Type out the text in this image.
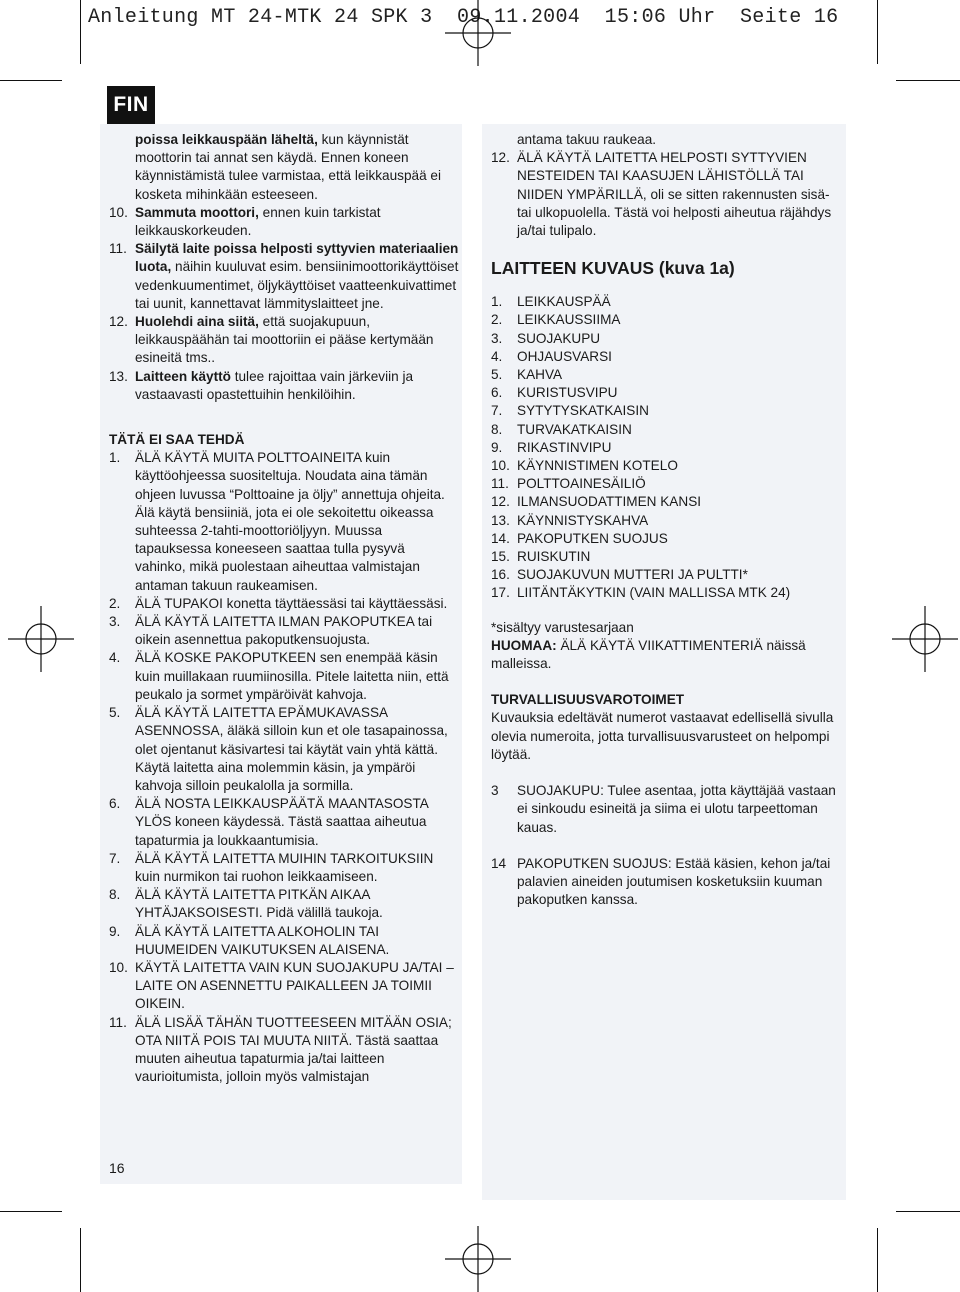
Anleitung MT 24-MTK 24 SPK 3  09.11.2004  15:06 Uhr  Seite 16
FIN

poissa leikkauspään läheltä, kun käynnistät moottorin tai annat sen käydä. Ennen koneen käynnistämistä tulee varmistaa, että leikkauspää ei kosketa mihinkään esteeseen.

10. Sammuta moottori, ennen kuin tarkistat leikkauskorkeuden.
11. Säilytä laite poissa helposti syttyvien materiaalien luota, näihin kuuluvat esim. bensiinimoottorikäyttöiset vedenkuumentimet, öljykäyttöiset vaatteenkuivattimet tai uunit, kannettavat lämmityslaitteet jne.
12. Huolehdi aina siitä, että suojakupuun, leikkauspäähän tai moottoriin ei pääse kertymään esineitä tms..
13. Laitteen käyttö tulee rajoittaa vain järkeviin ja vastaavasti opastettuihin henkilöihin.

TÄTÄ EI SAA TEHDÄ

1. ÄLÄ KÄYTÄ MUITA POLTTOAINEITA kuin käyttöohjeessa suositeltuja. Noudata aina tämän ohjeen luvussa “Polttoaine ja öljy” annettuja ohjeita. Älä käytä bensiiniä, jota ei ole sekoitettu oikeassa suhteessa 2-tahti-moottoriöljyyn. Muussa tapauksessa koneeseen saattaa tulla pysyvä vahinko, mikä puolestaan aiheuttaa valmistajan antaman takuun raukeamisen.
2. ÄLÄ TUPAKOI konetta täyttäessäsi tai käyttäessäsi.
3. ÄLÄ KÄYTÄ LAITETTA ILMAN PAKOPUTKEA tai oikein asennettua pakoputkensuojusta.
4. ÄLÄ KOSKE PAKOPUTKEEN sen enempää käsin kuin muillakaan ruumiinosilla. Pitele laitetta niin, että peukalo ja sormet ympäröivät kahvoja.
5. ÄLÄ KÄYTÄ LAITETTA EPÄMUKAVASSA ASENNOSSA, äläkä silloin kun et ole tasapainossa, olet ojentanut käsivartesi tai käytät vain yhtä kättä. Käytä laitetta aina molemmin käsin, ja ympäröi kahvoja silloin peukalolla ja sormilla.
6. ÄLÄ NOSTA LEIKKAUSPÄÄTÄ MAANTASOSTA YLÖS koneen käydessä. Tästä saattaa aiheutua tapaturmia ja loukkaantumisia.
7. ÄLÄ KÄYTÄ LAITETTA MUIHIN TARKOITUKSIIN kuin nurmikon tai ruohon leikkaamiseen.
8. ÄLÄ KÄYTÄ LAITETTA PITKÄN AIKAA YHTÄJAKSOISESTI. Pidä välillä taukoja.
9. ÄLÄ KÄYTÄ LAITETTA ALKOHOLIN TAI HUUMEIDEN VAIKUTUKSEN ALAISENA.
10. KÄYTÄ LAITETTA VAIN KUN SUOJAKUPU JA/TAI –LAITE ON ASENNETTU PAIKALLEEN JA TOIMII OIKEIN.
11. ÄLÄ LISÄÄ TÄHÄN TUOTTEESEEN MITÄÄN OSIA; OTA NIITÄ POIS TAI MUUTA NIITÄ. Tästä saattaa muuten aiheutua tapaturmia ja/tai laitteen vaurioitumista, jolloin myös valmistajan
16

antama takuu raukeaa.

12. ÄLÄ KÄYTÄ LAITETTA HELPOSTI SYTTYVIEN NESTEIDEN TAI KAASUJEN LÄHISTÖLLÄ TAI NIIDEN YMPÄRILLÄ, oli se sitten rakennusten sisä- tai ulkopuolella. Tästä voi helposti aiheutua räjähdys ja/tai tulipalo.

LAITTEEN KUVAUS (kuva 1a)

1. LEIKKAUSPÄÄ
2. LEIKKAUSSIIMA
3. SUOJAKUPU
4. OHJAUSVARSI
5. KAHVA
6. KURISTUSVIPU
7. SYTYTYSKATKAISIN
8. TURVAKATKAISIN
9. RIKASTINVIPU
10. KÄYNNISTIMEN KOTELO
11. POLTTOAINESÄILIÖ
12. ILMANSUODATTIMEN KANSI
13. KÄYNNISTYSKAHVA
14. PAKOPUTKEN SUOJUS
15. RUISKUTIN
16. SUOJAKUVUN MUTTERI JA PULTTI*
17. LIITÄNTÄKYTKIN (VAIN MALLISSA MTK 24)

*sisältyy varustesarjaan

HUOMAA: ÄLÄ KÄYTÄ VIIKATTIMENTERIÄ näissä malleissa.

TURVALLISUUSVAROTOIMET

Kuvauksia edeltävät numerot vastaavat edellisellä sivulla olevia numeroita, jotta turvallisuusvarusteet on helpompi löytää.

3 SUOJAKUPU: Tulee asentaa, jotta käyttäjää vastaan ei sinkoudu esineitä ja siima ei ulotu tarpeettoman kauas.
14 PAKOPUTKEN SUOJUS: Estää käsien, kehon ja/tai palavien aineiden joutumisen kosketuksiin kuuman pakoputken kanssa.
